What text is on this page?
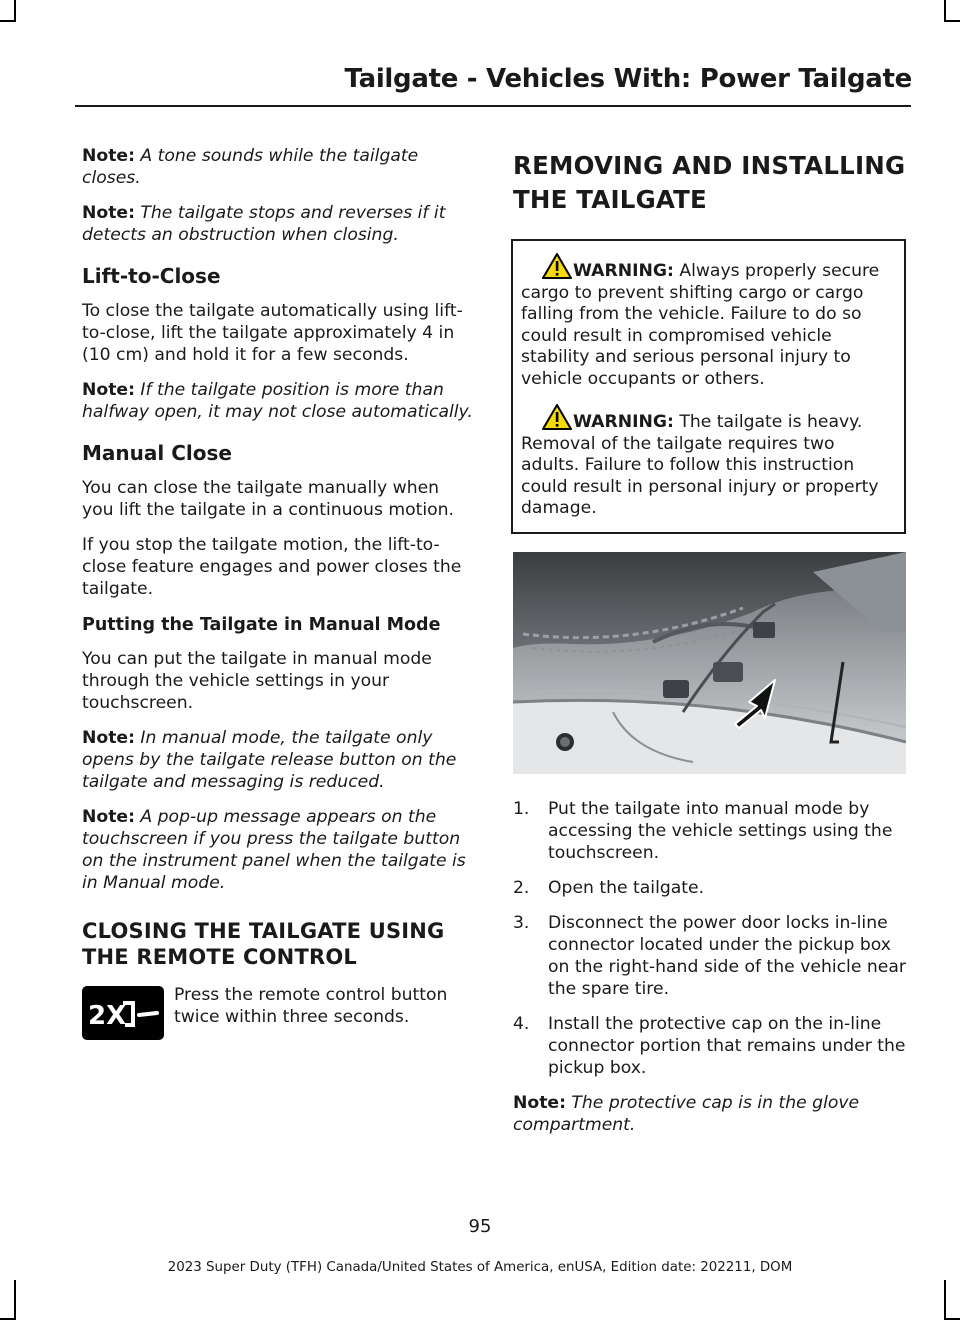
Tailgate - Vehicles With: Power Tailgate

Note: A tone sounds while the tailgate closes.

Note: The tailgate stops and reverses if it detects an obstruction when closing.

Lift-to-Close

To close the tailgate automatically using lift-to-close, lift the tailgate approximately 4 in (10 cm) and hold it for a few seconds.

Note: If the tailgate position is more than halfway open, it may not close automatically.

Manual Close

You can close the tailgate manually when you lift the tailgate in a continuous motion.

If you stop the tailgate motion, the lift-to-close feature engages and power closes the tailgate.

Putting the Tailgate in Manual Mode

You can put the tailgate in manual mode through the vehicle settings in your touchscreen.

Note: In manual mode, the tailgate only opens by the tailgate release button on the tailgate and messaging is reduced.

Note: A pop-up message appears on the touchscreen if you press the tailgate button on the instrument panel when the tailgate is in Manual mode.

CLOSING THE TAILGATE USING THE REMOTE CONTROL
2X

Press the remote control button twice within three seconds.

REMOVING AND INSTALLING THE TAILGATE

WARNING: Always properly secure cargo to prevent shifting cargo or cargo falling from the vehicle. Failure to do so could result in compromised vehicle stability and serious personal injury to vehicle occupants or others.

WARNING: The tailgate is heavy. Removal of the tailgate requires two adults. Failure to follow this instruction could result in personal injury or property damage.

1.	Put the tailgate into manual mode by accessing the vehicle settings using the touchscreen.
2.	Open the tailgate.
3.	Disconnect the power door locks in-line connector located under the pickup box on the right-hand side of the vehicle near the spare tire.
4.	Install the protective cap on the in-line connector portion that remains under the pickup box.

Note: The protective cap is in the glove compartment.

95
2023 Super Duty (TFH) Canada/United States of America, enUSA, Edition date: 202211, DOM
